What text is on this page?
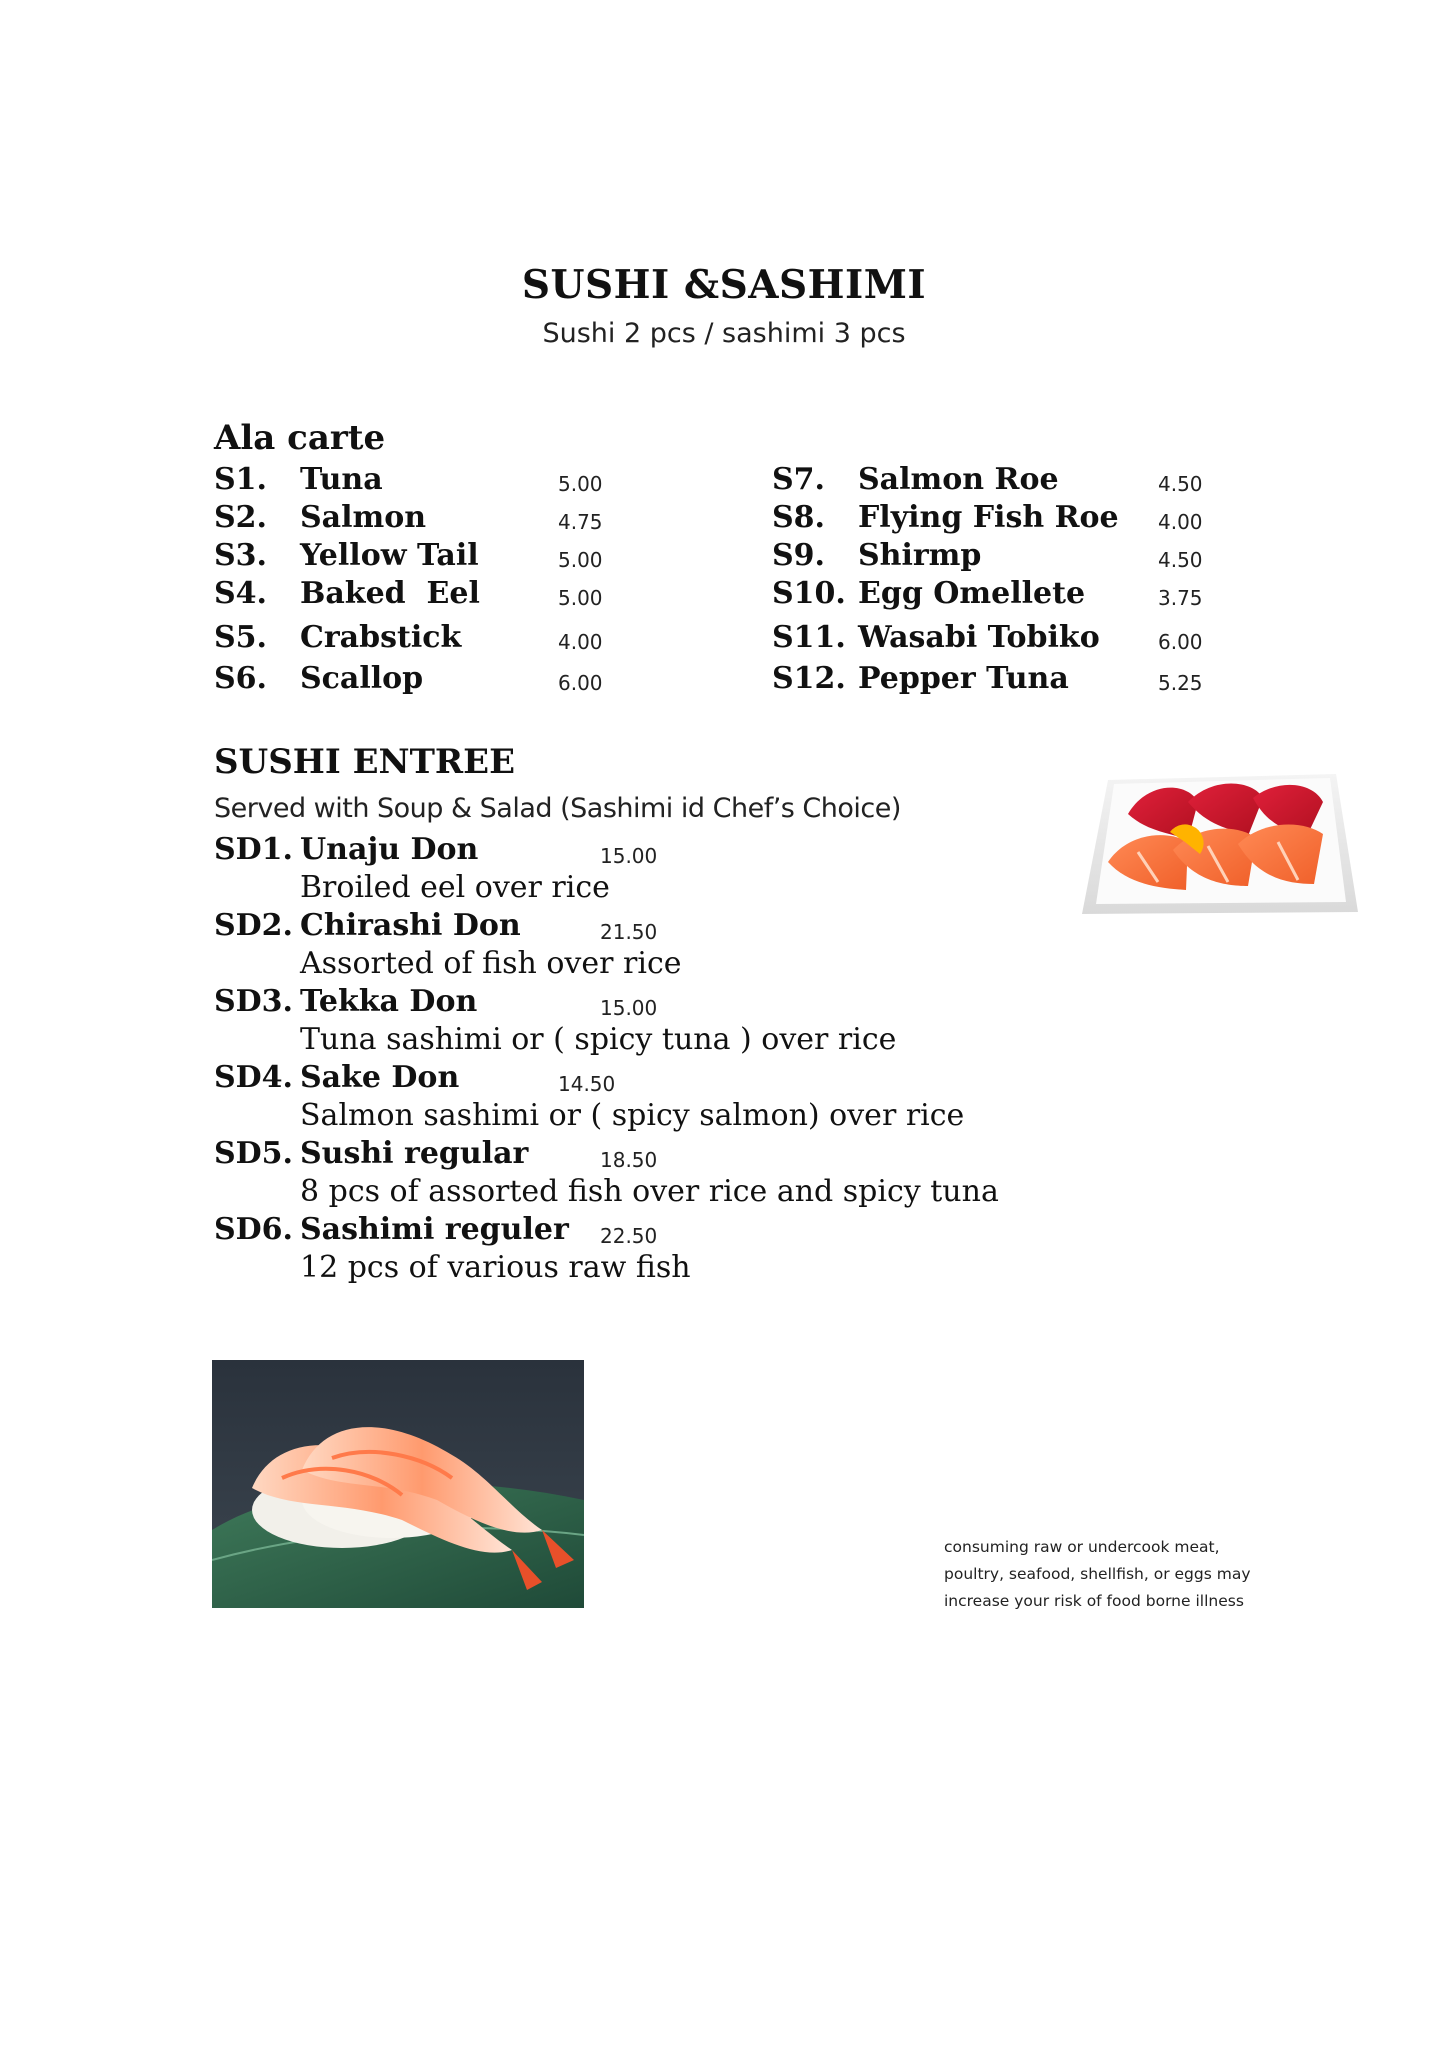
SUSHI &SASHIMI
Sushi 2 pcs / sashimi 3 pcs
Ala carte
S1. Tuna	5.00
S2. Salmon	4.75
S3. Yellow Tail	5.00
S4. Baked  Eel	5.00
S5. Crabstick	4.00
S6. Scallop	6.00
S7. Salmon Roe	4.50
S8. Flying Fish Roe 4.00
S9. Shirmp	4.50
S10. Egg Omellete	3.75
S11. Wasabi Tobiko	6.00
S12. Pepper Tuna	5.25
SUSHI ENTREE
Served with Soup & Salad (Sashimi id Chef’s Choice)
SD1. Unaju Don	15.00
Broiled eel over rice
SD2. Chirashi Don	21.50
Assorted of fish over rice
SD3. Tekka Don	15.00
Tuna sashimi or ( spicy tuna ) over rice
SD4. Sake Don	14.50
Salmon sashimi or ( spicy salmon) over rice
SD5. Sushi regular	18.50
8 pcs of assorted fish over rice and spicy tuna
SD6. Sashimi reguler 22.50
12 pcs of various raw fish
consuming raw or undercook meat,
poultry, seafood, shellfish, or eggs may
increase your risk of food borne illness
